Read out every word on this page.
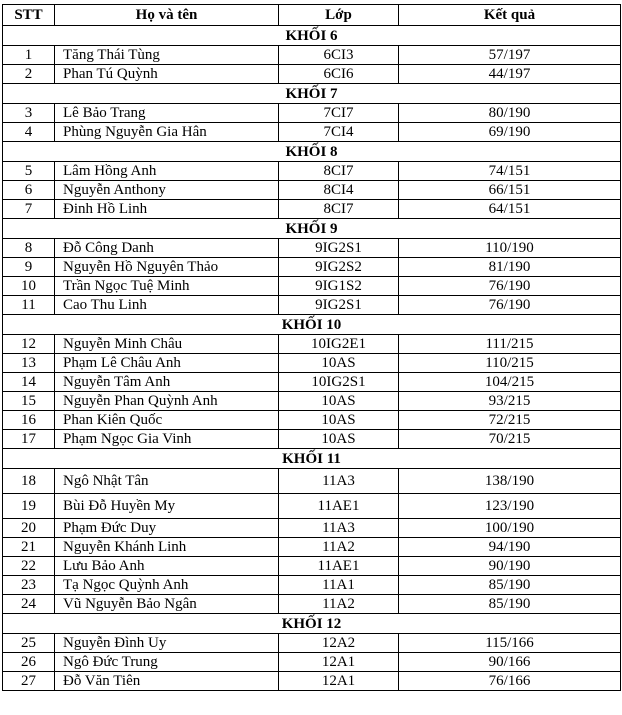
STT	Họ và tên	Lớp	Kết quả
KHỐI 6			
1	Tăng Thái Tùng	6CI3	57/197
2	Phan Tú Quỳnh	6CI6	44/197
KHỐI 7			
3	Lê Bảo Trang	7CI7	80/190
4	Phùng Nguyễn Gia Hân	7CI4	69/190
KHỐI 8			
5	Lâm Hồng Anh	8CI7	74/151
6	Nguyễn Anthony	8CI4	66/151
7	Đinh Hồ Linh	8CI7	64/151
KHỐI 9			
8	Đỗ Công Danh	9IG2S1	110/190
9	Nguyễn Hồ Nguyên Thảo	9IG2S2	81/190
10	Trần Ngọc Tuệ Minh	9IG1S2	76/190
11	Cao Thu Linh	9IG2S1	76/190
KHỐI 10			
12	Nguyễn Minh Châu	10IG2E1	111/215
13	Phạm Lê Châu Anh	10AS	110/215
14	Nguyễn Tâm Anh	10IG2S1	104/215
15	Nguyễn Phan Quỳnh Anh	10AS	93/215
16	Phan Kiên Quốc	10AS	72/215
17	Phạm Ngọc Gia Vinh	10AS	70/215
KHỐI 11			
18	Ngô Nhật Tân	11A3	138/190
19	Bùi Đỗ Huyền My	11AE1	123/190
20	Phạm Đức Duy	11A3	100/190
21	Nguyễn Khánh Linh	11A2	94/190
22	Lưu Bảo Anh	11AE1	90/190
23	Tạ Ngọc Quỳnh Anh	11A1	85/190
24	Vũ Nguyễn Bảo Ngân	11A2	85/190
KHỐI 12			
25	Nguyễn Đình Uy	12A2	115/166
26	Ngô Đức Trung	12A1	90/166
27	Đỗ Văn Tiên	12A1	76/166
